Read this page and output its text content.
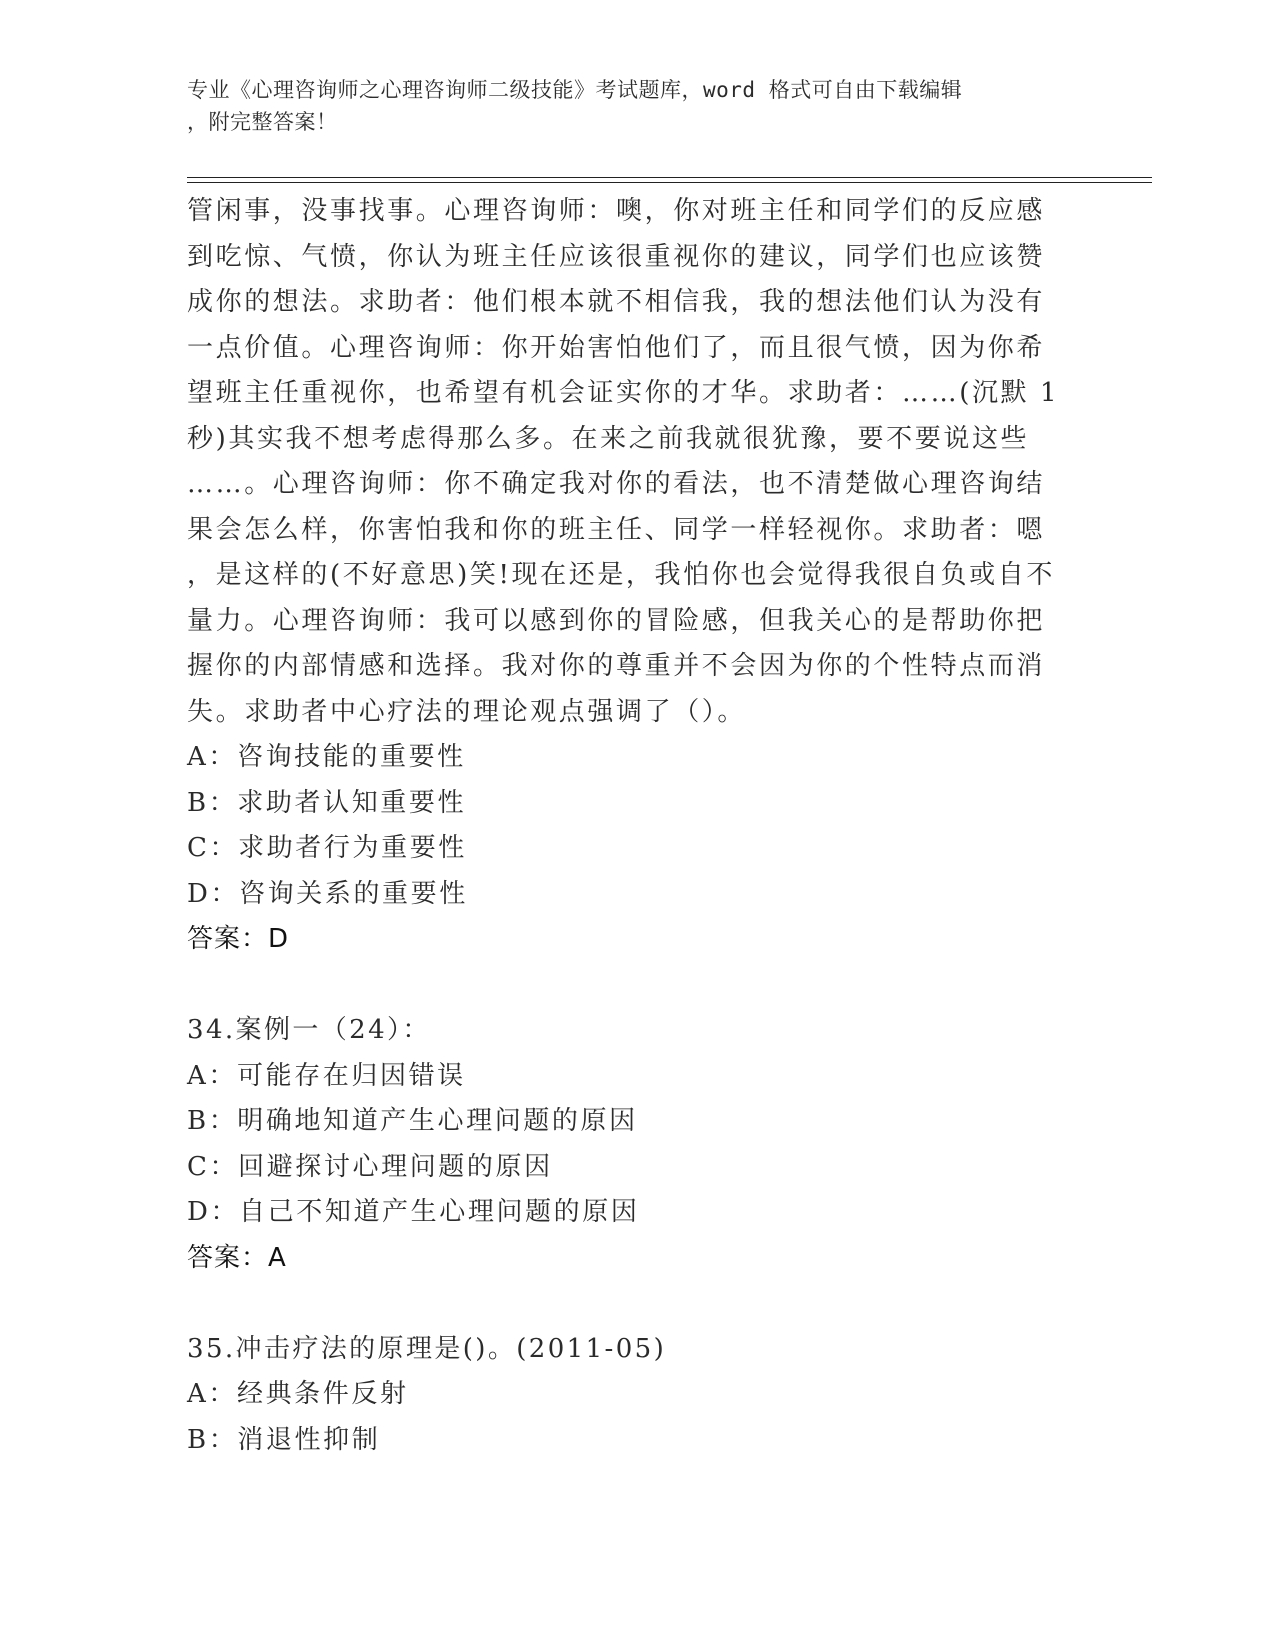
专业《心理咨询师之心理咨询师二级技能》考试题库，word 格式可自由下载编辑
，附完整答案！
管闲事，没事找事。心理咨询师：噢，你对班主任和同学们的反应感
到吃惊、气愤，你认为班主任应该很重视你的建议，同学们也应该赞
成你的想法。求助者：他们根本就不相信我，我的想法他们认为没有
一点价值。心理咨询师：你开始害怕他们了，而且很气愤，因为你希
望班主任重视你，也希望有机会证实你的才华。求助者：……(沉默 1
秒)其实我不想考虑得那么多。在来之前我就很犹豫，要不要说这些
……。心理咨询师：你不确定我对你的看法，也不清楚做心理咨询结
果会怎么样，你害怕我和你的班主任、同学一样轻视你。求助者：嗯
，是这样的(不好意思)笑!现在还是，我怕你也会觉得我很自负或自不
量力。心理咨询师：我可以感到你的冒险感，但我关心的是帮助你把
握你的内部情感和选择。我对你的尊重并不会因为你的个性特点而消
失。求助者中心疗法的理论观点强调了（）。
A：咨询技能的重要性
B：求助者认知重要性
C：求助者行为重要性
D：咨询关系的重要性
答案：D
34.案例一（24）：
A：可能存在归因错误
B：明确地知道产生心理问题的原因
C：回避探讨心理问题的原因
D：自己不知道产生心理问题的原因
答案：A
35.冲击疗法的原理是()。(2011-05)
A：经典条件反射
B：消退性抑制
